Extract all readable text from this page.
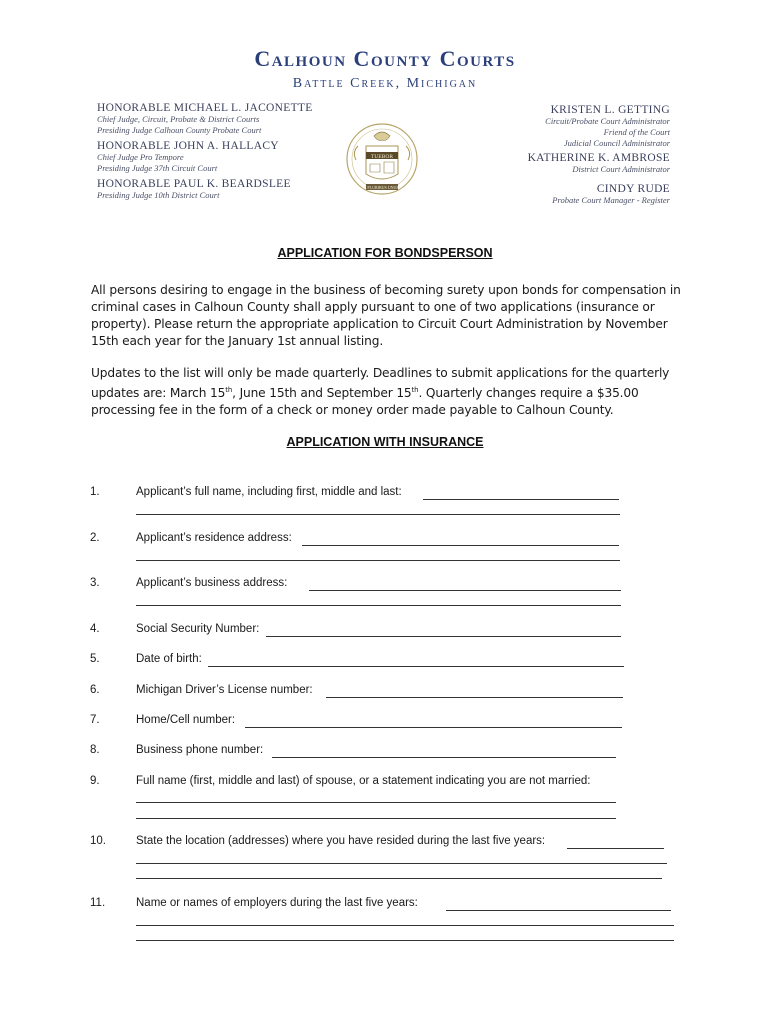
Calhoun County Courts
Battle Creek, Michigan
HONORABLE MICHAEL L. JACONETTE
Chief Judge, Circuit, Probate & District Courts
Presiding Judge Calhoun County Probate Court
HONORABLE JOHN A. HALLACY
Chief Judge Pro Tempore
Presiding Judge 37th Circuit Court
HONORABLE PAUL K. BEARDSLEE
Presiding Judge 10th District Court
TUEBOR
E PLURIBUS UNUM
KRISTEN L. GETTING
Circuit/Probate Court Administrator
Friend of the Court
Judicial Council Administrator
KATHERINE K. AMBROSE
District Court Administrator
CINDY RUDE
Probate Court Manager - Register
APPLICATION FOR BONDSPERSON
All persons desiring to engage in the business of becoming surety upon bonds for compensation in criminal cases in Calhoun County shall apply pursuant to one of two applications (insurance or property). Please return the appropriate application to Circuit Court Administration by November 15th each year for the January 1st annual listing.
Updates to the list will only be made quarterly. Deadlines to submit applications for the quarterly updates are: March 15th, June 15th and September 15th. Quarterly changes require a $35.00 processing fee in the form of a check or money order made payable to Calhoun County.
APPLICATION WITH INSURANCE
1.	Applicant’s full name, including first, middle and last:
2.	Applicant’s residence address:
3.	Applicant’s business address:
4.	Social Security Number:
5.	Date of birth:
6.	Michigan Driver’s License number:
7.	Home/Cell number:
8.	Business phone number:
9.	Full name (first, middle and last) of spouse, or a statement indicating you are not married:
10.	State the location (addresses) where you have resided during the last five years:
11.	Name or names of employers during the last five years:
